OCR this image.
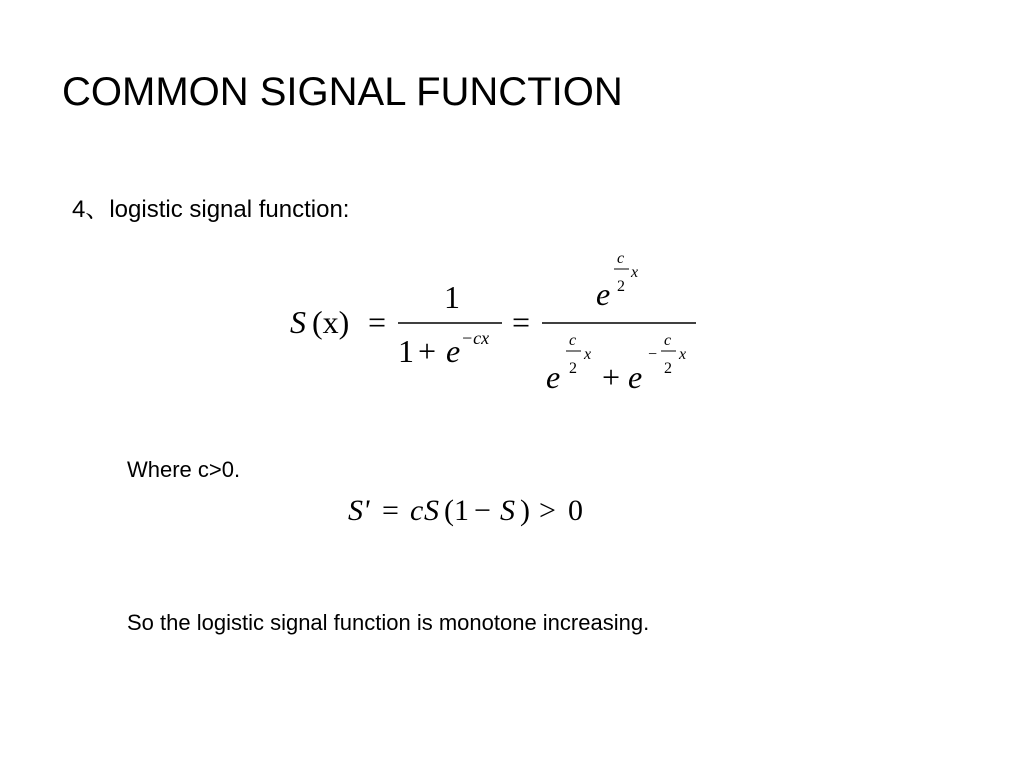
COMMON SIGNAL FUNCTION
4、logistic signal function:
S (x) =
1
1 + e −cx =
e
c
2
x
e
c
2
x
+ e
−
c
2
x
Where c>0.
S' = c S (1 − S ) > 0
So the logistic signal function is monotone increasing.
